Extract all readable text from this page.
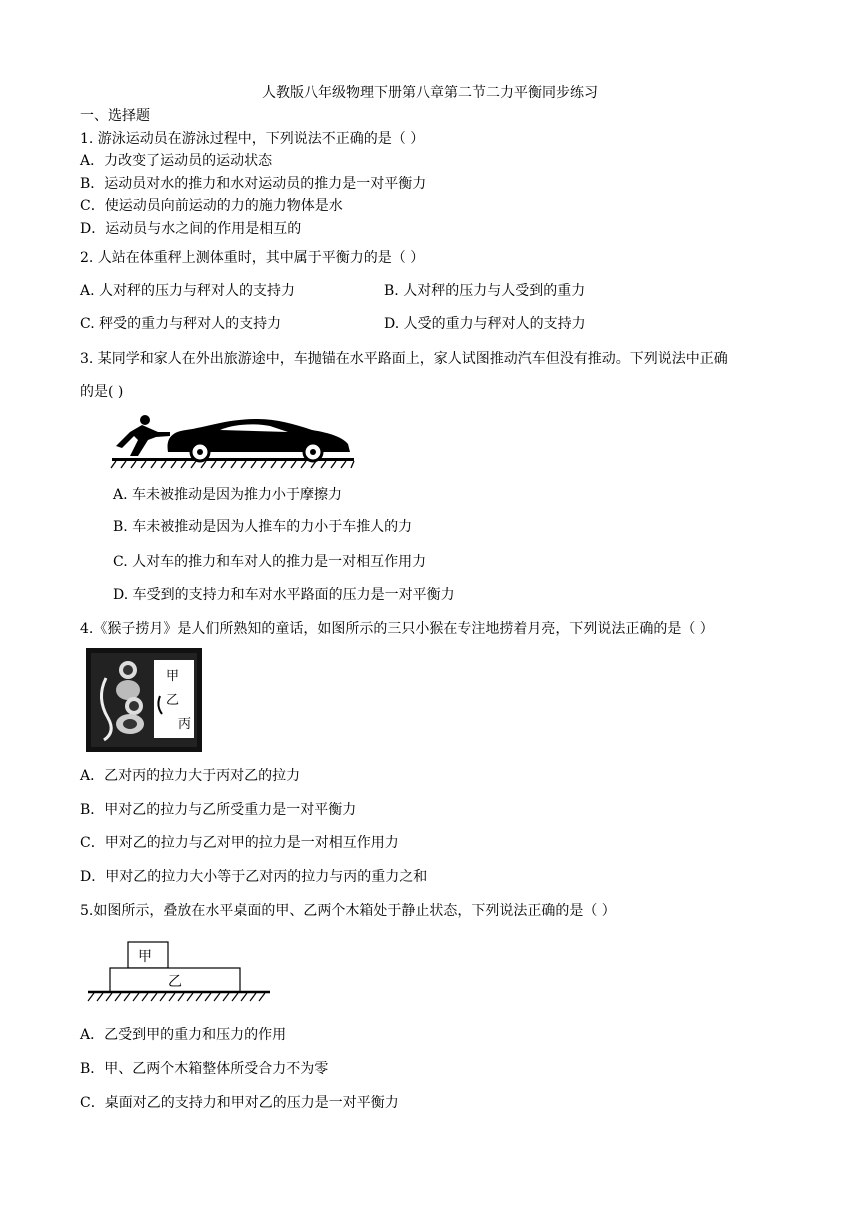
人教版八年级物理下册第八章第二节二力平衡同步练习
一、选择题
1. 游泳运动员在游泳过程中，下列说法不正确的是（ ）
A．力改变了运动员的运动状态
B．运动员对水的推力和水对运动员的推力是一对平衡力
C．使运动员向前运动的力的施力物体是水
D．运动员与水之间的作用是相互的
2. 人站在体重秤上测体重时，其中属于平衡力的是（ ）
A. 人对秤的压力与秤对人的支持力	B. 人对秤的压力与人受到的重力
C. 秤受的重力与秤对人的支持力	D. 人受的重力与秤对人的支持力
3. 某同学和家人在外出旅游途中，车抛锚在水平路面上，家人试图推动汽车但没有推动。下列说法中正确
的是( )
A. 车未被推动是因为推力小于摩擦力
B. 车未被推动是因为人推车的力小于车推人的力
C. 人对车的推力和车对人的推力是一对相互作用力
D. 车受到的支持力和车对水平路面的压力是一对平衡力
4.《猴子捞月》是人们所熟知的童话，如图所示的三只小猴在专注地捞着月亮，下列说法正确的是（ ）
甲
乙
丙
A．乙对丙的拉力大于丙对乙的拉力
B．甲对乙的拉力与乙所受重力是一对平衡力
C．甲对乙的拉力与乙对甲的拉力是一对相互作用力
D．甲对乙的拉力大小等于乙对丙的拉力与丙的重力之和
5.如图所示，叠放在水平桌面的甲、乙两个木箱处于静止状态，下列说法正确的是（ ）
甲
乙
A．乙受到甲的重力和压力的作用
B．甲、乙两个木箱整体所受合力不为零
C．桌面对乙的支持力和甲对乙的压力是一对平衡力
